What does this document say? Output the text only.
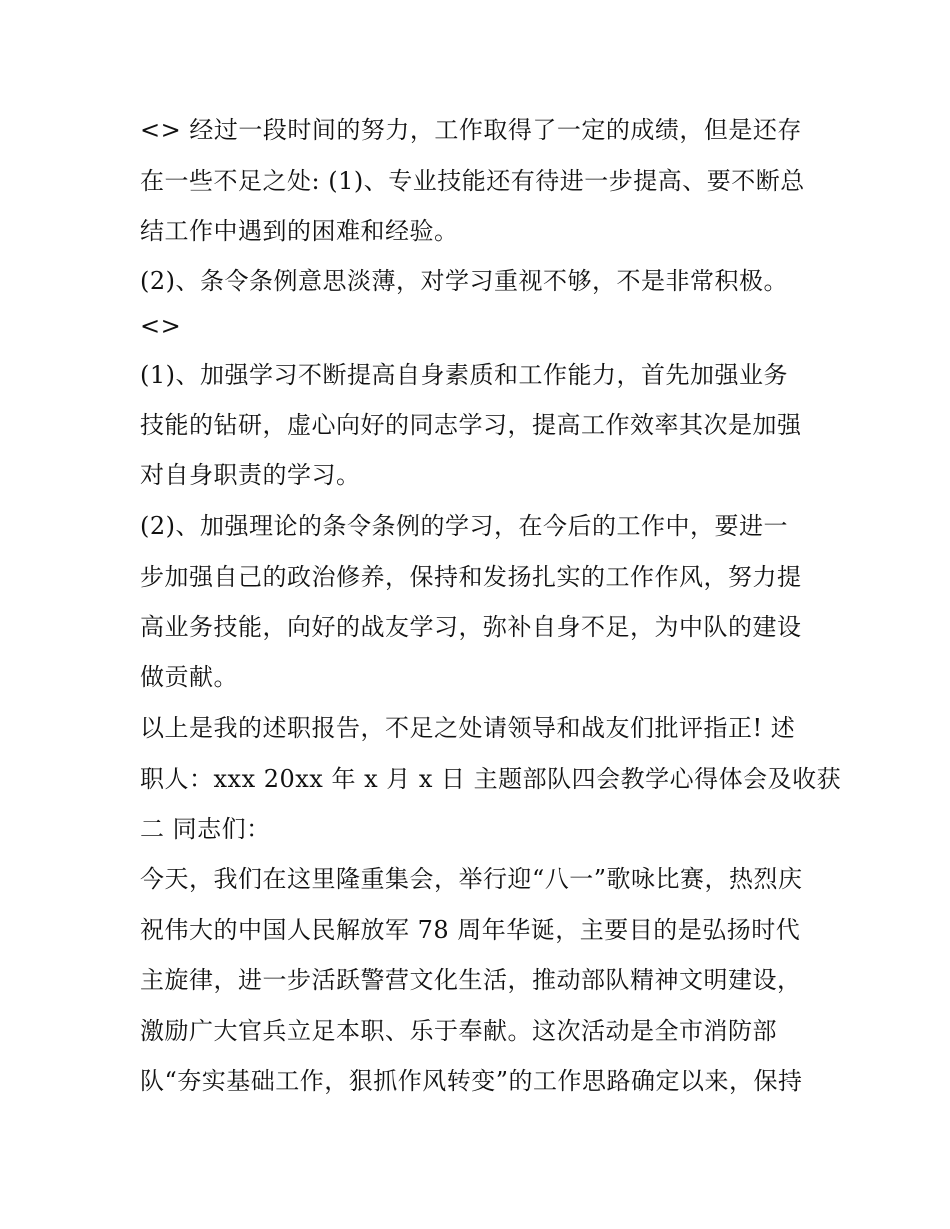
<> 经过一段时间的努力，工作取得了一定的成绩，但是还存
在一些不足之处: (1)、专业技能还有待进一步提高、要不断总
结工作中遇到的困难和经验。
(2)、条令条例意思淡薄，对学习重视不够，不是非常积极。
<>
(1)、加强学习不断提高自身素质和工作能力，首先加强业务
技能的钻研，虚心向好的同志学习，提高工作效率其次是加强
对自身职责的学习。
(2)、加强理论的条令条例的学习，在今后的工作中，要进一
步加强自己的政治修养，保持和发扬扎实的工作作风，努力提
高业务技能，向好的战友学习，弥补自身不足，为中队的建设
做贡献。
以上是我的述职报告，不足之处请领导和战友们批评指正! 述
职人：xxx 20xx 年 x 月 x 日 主题部队四会教学心得体会及收获
二 同志们：
今天，我们在这里隆重集会，举行迎“八一”歌咏比赛，热烈庆
祝伟大的中国人民解放军 78 周年华诞，主要目的是弘扬时代
主旋律，进一步活跃警营文化生活，推动部队精神文明建设，
激励广大官兵立足本职、乐于奉献。这次活动是全市消防部
队“夯实基础工作，狠抓作风转变”的工作思路确定以来，保持
